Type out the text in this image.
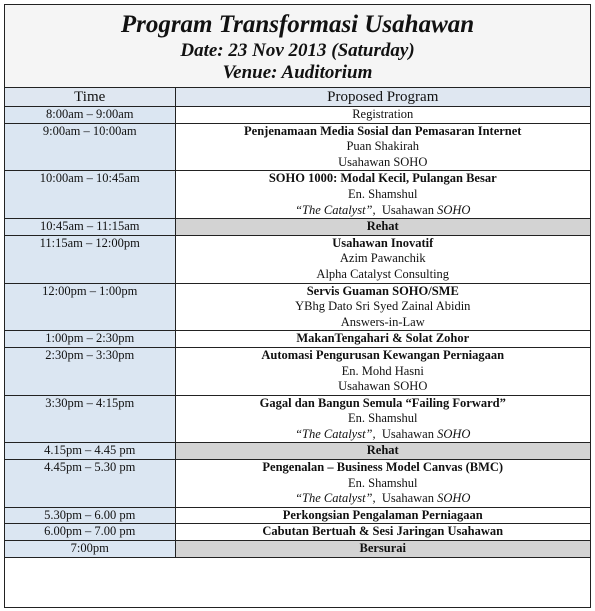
Program Transformasi Usahawan
Date: 23 Nov 2013 (Saturday)
Venue: Auditorium
Time	Proposed Program
8:00am – 9:00am	Registration
9:00am – 10:00am	Penjenamaan Media Sosial dan Pemasaran Internet
Puan Shakirah
Usahawan SOHO

10:00am – 10:45am	SOHO 1000: Modal Kecil, Pulangan Besar
En. Shamshul
“The Catalyst”,  Usahawan SOHO

10:45am – 11:15am	Rehat
11:15am – 12:00pm	Usahawan Inovatif
Azim Pawanchik
Alpha Catalyst Consulting

12:00pm – 1:00pm	Servis Guaman SOHO/SME
YBhg Dato Sri Syed Zainal Abidin
Answers-in-Law

1:00pm – 2:30pm	MakanTengahari & Solat Zohor
2:30pm – 3:30pm	Automasi Pengurusan Kewangan Perniagaan
En. Mohd Hasni
Usahawan SOHO

3:30pm – 4:15pm	Gagal dan Bangun Semula “Failing Forward”
En. Shamshul
“The Catalyst”,  Usahawan SOHO

4.15pm – 4.45 pm	Rehat
4.45pm – 5.30 pm	Pengenalan – Business Model Canvas (BMC)
En. Shamshul
“The Catalyst”,  Usahawan SOHO

5.30pm – 6.00 pm	Perkongsian Pengalaman Perniagaan
6.00pm – 7.00 pm	Cabutan Bertuah & Sesi Jaringan Usahawan
7:00pm	Bersurai
